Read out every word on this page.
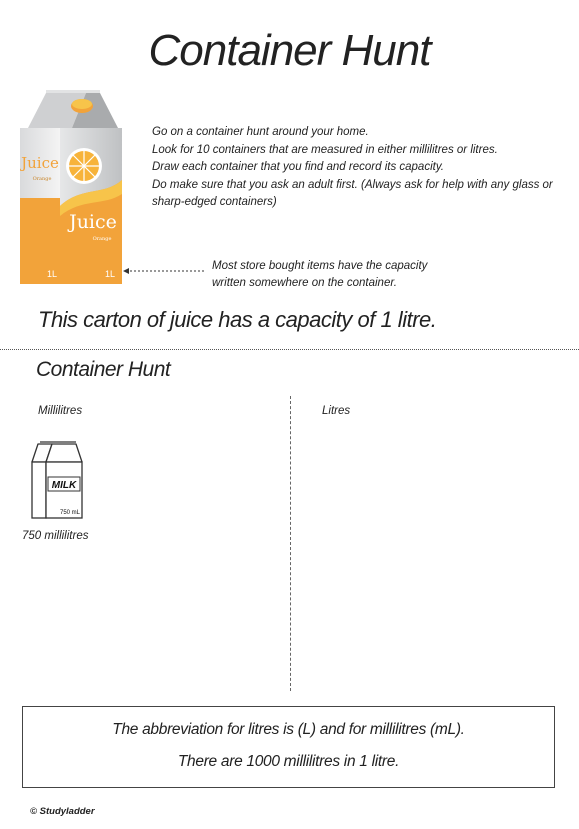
Container Hunt
Juice
Orange
Juice
Orange
1L	1L
Go on a container hunt around your home.
Look for 10 containers that are measured in either millilitres or litres.
Draw each container that you find and record its capacity.
Do make sure that you ask an adult first. (Always ask for help with any glass or sharp-edged containers)
Most store bought items have the capacity
written somewhere on the container.
This carton of juice has a capacity of 1 litre.
Container Hunt
Millilitres	Litres
MILK
750 mL
750 millilitres
The abbreviation for litres is (L) and for millilitres (mL).
There are 1000 millilitres in 1 litre.
© Studyladder
